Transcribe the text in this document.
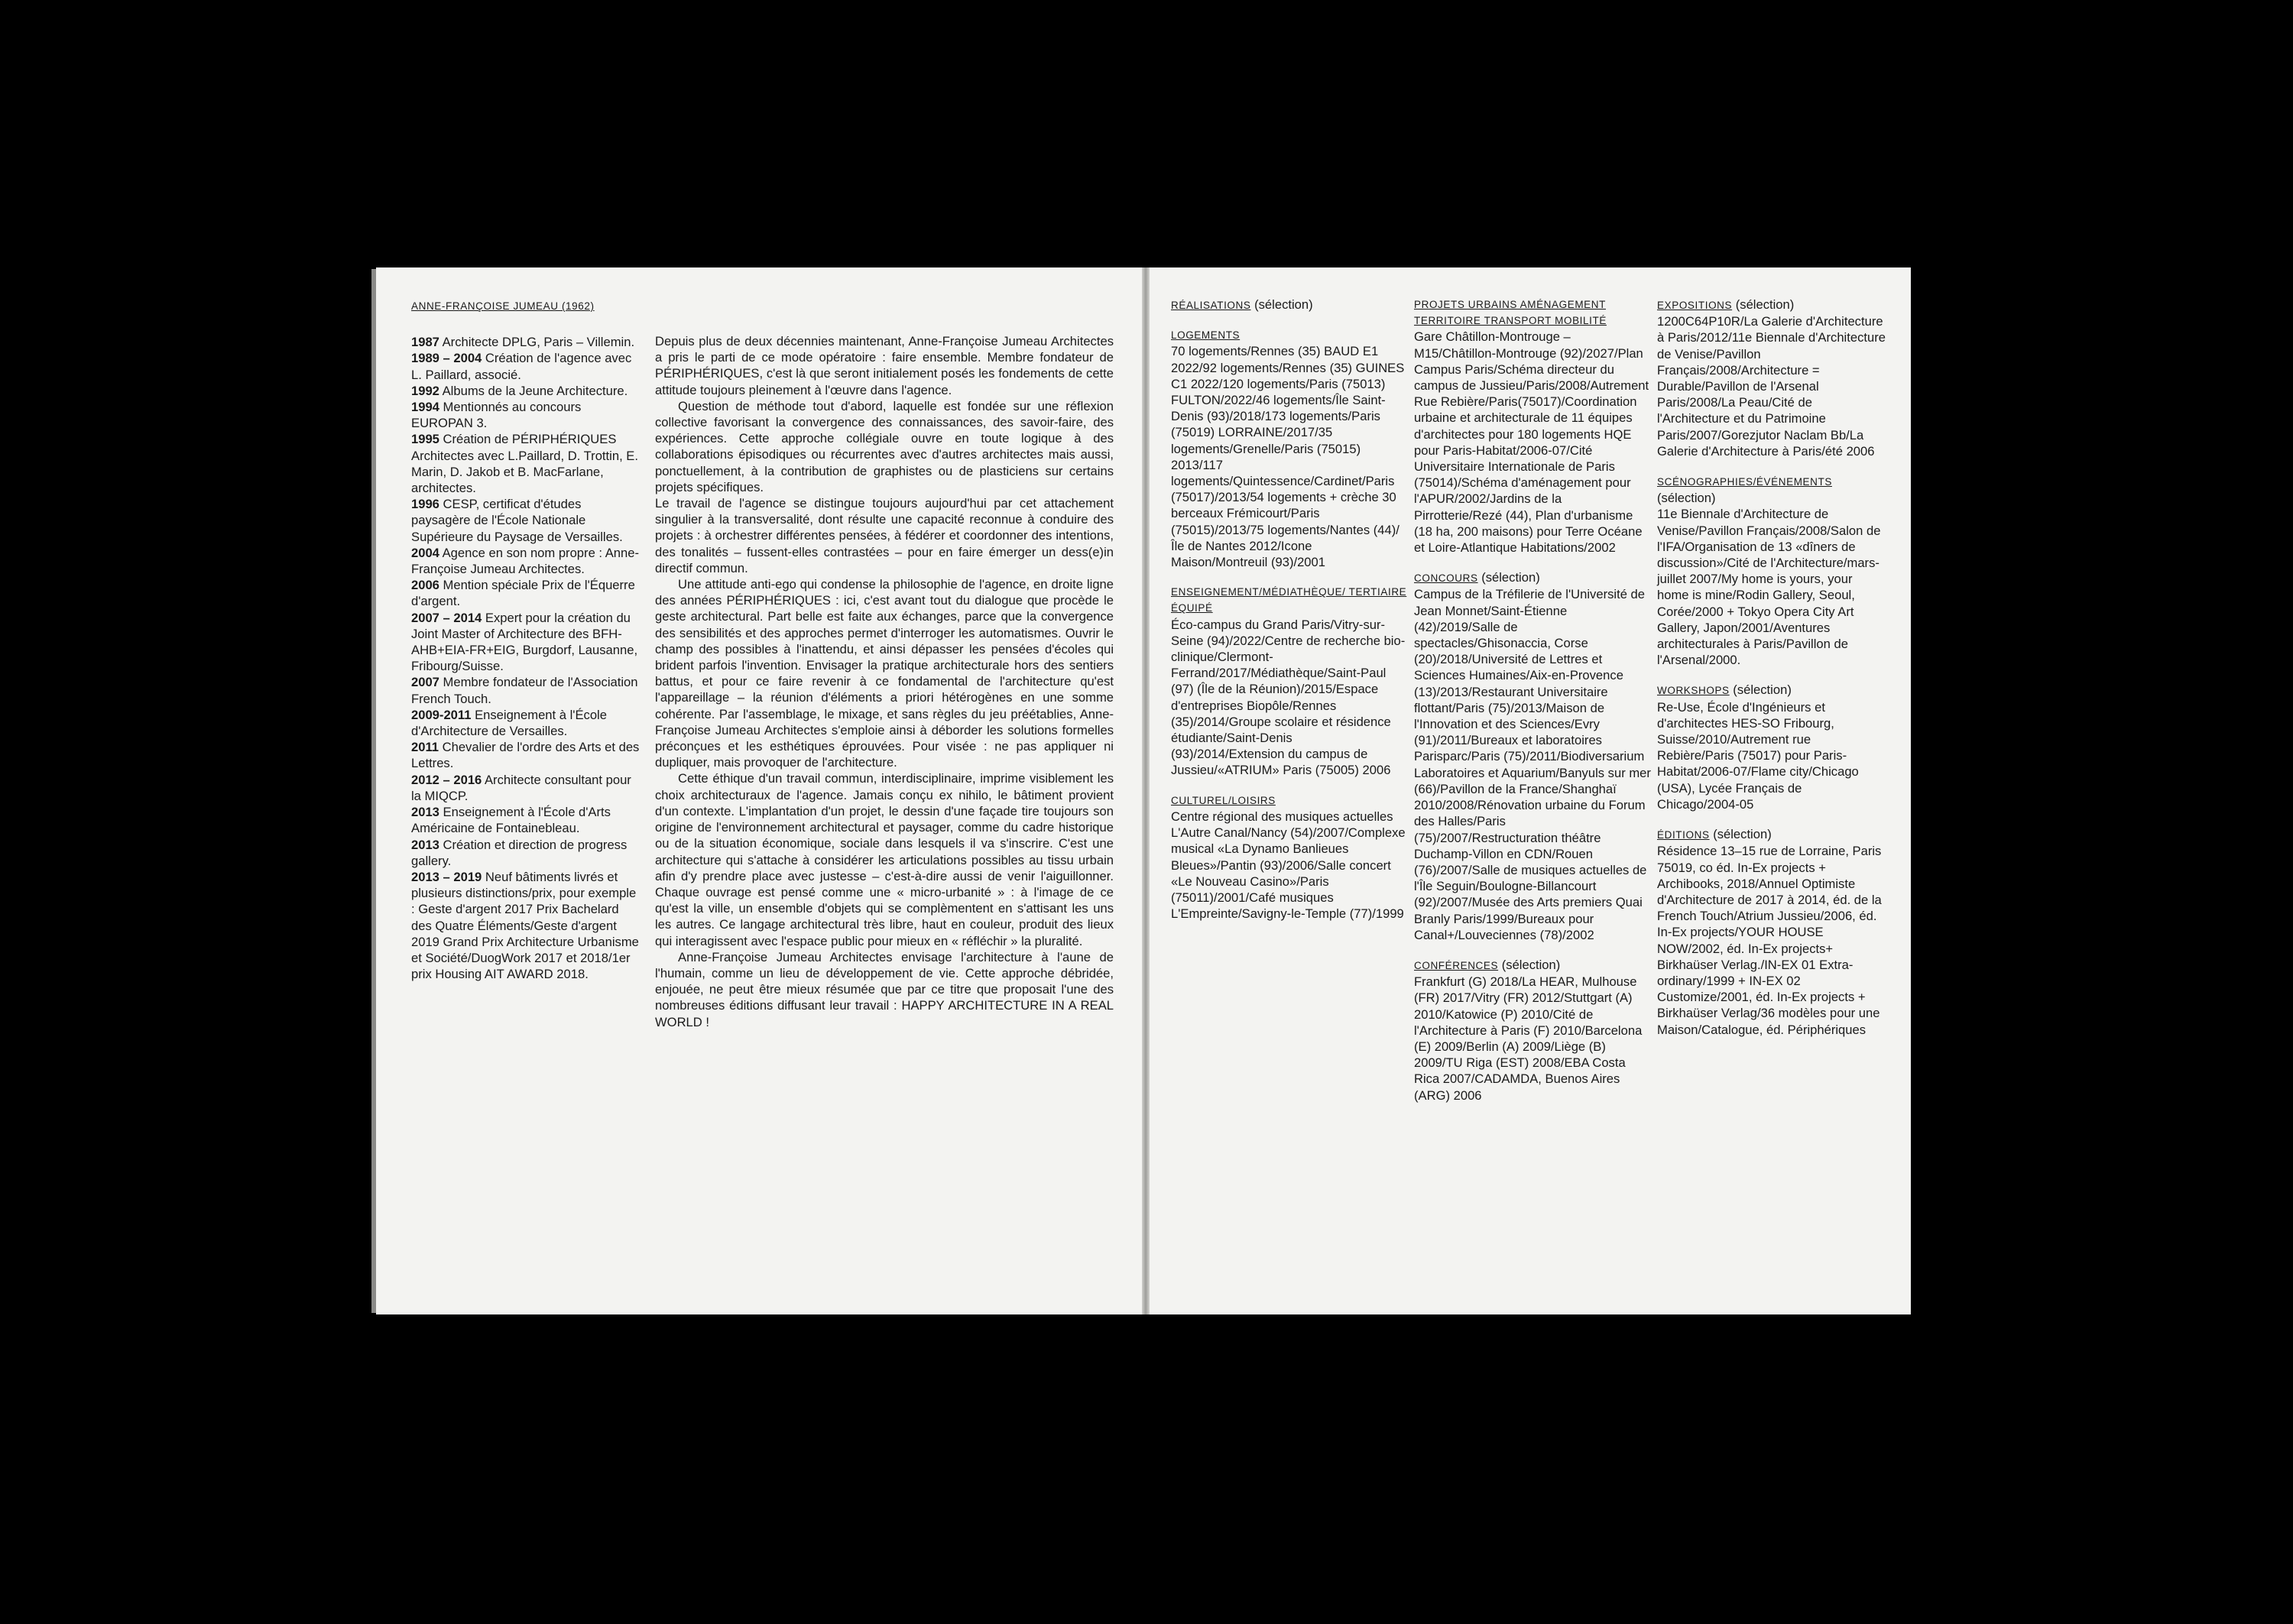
ANNE-FRANÇOISE JUMEAU (1962)

1987 Architecte DPLG, Paris – Villemin.

1989 – 2004 Création de l'agence avec L. Paillard, associé.

1992 Albums de la Jeune Architecture.

1994 Mentionnés au concours EUROPAN 3.

1995 Création de PÉRIPHÉRIQUES Architectes avec L.Paillard, D. Trottin, E. Marin, D. Jakob et B. MacFarlane, architectes.

1996 CESP, certificat d'études paysagère de l'École Nationale Supérieure du Paysage de Versailles.

2004 Agence en son nom propre : Anne-Françoise Jumeau Architectes.

2006 Mention spéciale Prix de l'Équerre d'argent.

2007 – 2014 Expert pour la création du Joint Master of Architecture des BFH-AHB+EIA-FR+EIG, Burgdorf, Lausanne, Fribourg/Suisse.

2007 Membre fondateur de l'Association French Touch.

2009-2011 Enseignement à l'École d'Architecture de Versailles.

2011 Chevalier de l'ordre des Arts et des Lettres.

2012 – 2016 Architecte consultant pour la MIQCP.

2013 Enseignement à l'École d'Arts Américaine de Fontainebleau.

2013 Création et direction de progress gallery.

2013 – 2019 Neuf bâtiments livrés et plusieurs distinctions/prix, pour exemple : Geste d'argent 2017 Prix Bachelard des Quatre Éléments/Geste d'argent 2019 Grand Prix Architecture Urbanisme et Société/DuogWork 2017 et 2018/1er prix Housing AIT AWARD 2018.

Depuis plus de deux décennies maintenant, Anne-Françoise Jumeau Architectes a pris le parti de ce mode opératoire : faire ensemble. Membre fondateur de PÉRIPHÉRIQUES, c'est là que seront initialement posés les fondements de cette attitude toujours pleinement à l'œuvre dans l'agence.

Question de méthode tout d'abord, laquelle est fondée sur une réflexion collective favorisant la convergence des connaissances, des savoir-faire, des expériences. Cette approche collégiale ouvre en toute logique à des collaborations épisodiques ou récurrentes avec d'autres architectes mais aussi, ponctuellement, à la contribution de graphistes ou de plasticiens sur certains projets spécifiques.

Le travail de l'agence se distingue toujours aujourd'hui par cet attachement singulier à la transversalité, dont résulte une capacité reconnue à conduire des projets : à orchestrer différentes pensées, à fédérer et coordonner des intentions, des tonalités – fussent-elles contrastées – pour en faire émerger un dess(e)in directif commun.

Une attitude anti-ego qui condense la philosophie de l'agence, en droite ligne des années PÉRIPHÉRIQUES : ici, c'est avant tout du dialogue que procède le geste architectural. Part belle est faite aux échanges, parce que la convergence des sensibilités et des approches permet d'interroger les automatismes. Ouvrir le champ des possibles à l'inattendu, et ainsi dépasser les pensées d'écoles qui brident parfois l'invention. Envisager la pratique architecturale hors des sentiers battus, et pour ce faire revenir à ce fondamental de l'architecture qu'est l'appareillage – la réunion d'éléments a priori hétérogènes en une somme cohérente. Par l'assemblage, le mixage, et sans règles du jeu préétablies, Anne-Françoise Jumeau Architectes s'emploie ainsi à déborder les solutions formelles préconçues et les esthétiques éprouvées. Pour visée : ne pas appliquer ni dupliquer, mais provoquer de l'architecture.

Cette éthique d'un travail commun, interdisciplinaire, imprime visiblement les choix architecturaux de l'agence. Jamais conçu ex nihilo, le bâtiment provient d'un contexte. L'implantation d'un projet, le dessin d'une façade tire toujours son origine de l'environnement architectural et paysager, comme du cadre historique ou de la situation économique, sociale dans lesquels il va s'inscrire. C'est une architecture qui s'attache à considérer les articulations possibles au tissu urbain afin d'y prendre place avec justesse – c'est-à-dire aussi de venir l'aiguillonner. Chaque ouvrage est pensé comme une « micro-urbanité » : à l'image de ce qu'est la ville, un ensemble d'objets qui se complèmentent en s'attisant les uns les autres. Ce langage architectural très libre, haut en couleur, produit des lieux qui interagissent avec l'espace public pour mieux en « réfléchir » la pluralité.

Anne-Françoise Jumeau Architectes envisage l'architecture à l'aune de l'humain, comme un lieu de développement de vie. Cette approche débridée, enjouée, ne peut être mieux résumée que par ce titre que proposait l'une des nombreuses éditions diffusant leur travail : HAPPY ARCHITECTURE IN A REAL WORLD !

RÉALISATIONS (sélection)

LOGEMENTS

70 logements/Rennes (35) BAUD E1 2022/92 logements/Rennes (35) GUINES C1 2022/120 logements/Paris (75013) FULTON/2022/46 logements/Île Saint-Denis (93)/2018/173 logements/Paris (75019) LORRAINE/2017/35 logements/Grenelle/Paris (75015) 2013/117 logements/Quintessence/Cardinet/Paris (75017)/2013/54 logements + crèche 30 berceaux Frémicourt/Paris (75015)/2013/75 logements/Nantes (44)/Île de Nantes 2012/Icone Maison/Montreuil (93)/2001

ENSEIGNEMENT/MÉDIATHÈQUE/ TERTIAIRE ÉQUIPÉ

Éco-campus du Grand Paris/Vitry-sur-Seine (94)/2022/Centre de recherche bio-clinique/Clermont-Ferrand/2017/Médiathèque/Saint-Paul (97) (Île de la Réunion)/2015/Espace d'entreprises Biopôle/Rennes (35)/2014/Groupe scolaire et résidence étudiante/Saint-Denis (93)/2014/Extension du campus de Jussieu/«ATRIUM» Paris (75005) 2006

CULTUREL/LOISIRS

Centre régional des musiques actuelles L'Autre Canal/Nancy (54)/2007/Complexe musical «La Dynamo Banlieues Bleues»/Pantin (93)/2006/Salle concert «Le Nouveau Casino»/Paris (75011)/2001/Café musiques L'Empreinte/Savigny-le-Temple (77)/1999

PROJETS URBAINS AMÉNAGEMENT TERRITOIRE TRANSPORT MOBILITÉ

Gare Châtillon-Montrouge – M15/Châtillon-Montrouge (92)/2027/Plan Campus Paris/Schéma directeur du campus de Jussieu/Paris/2008/Autrement Rue Rebière/Paris(75017)/Coordination urbaine et architecturale de 11 équipes d'architectes pour 180 logements HQE pour Paris-Habitat/2006-07/Cité Universitaire Internationale de Paris (75014)/Schéma d'aménagement pour l'APUR/2002/Jardins de la Pirrotterie/Rezé (44), Plan d'urbanisme (18 ha, 200 maisons) pour Terre Océane et Loire-Atlantique Habitations/2002

CONCOURS (sélection)

Campus de la Tréfilerie de l'Université de Jean Monnet/Saint-Étienne (42)/2019/Salle de spectacles/Ghisonaccia, Corse (20)/2018/Université de Lettres et Sciences Humaines/Aix-en-Provence (13)/2013/Restaurant Universitaire flottant/Paris (75)/2013/Maison de l'Innovation et des Sciences/Evry (91)/2011/Bureaux et laboratoires Parisparc/Paris (75)/2011/Biodiversarium Laboratoires et Aquarium/Banyuls sur mer (66)/Pavillon de la France/Shanghaï 2010/2008/Rénovation urbaine du Forum des Halles/Paris (75)/2007/Restructuration théâtre Duchamp-Villon en CDN/Rouen (76)/2007/Salle de musiques actuelles de l'Île Seguin/Boulogne-Billancourt (92)/2007/Musée des Arts premiers Quai Branly Paris/1999/Bureaux pour Canal+/Louveciennes (78)/2002

CONFÉRENCES (sélection)

Frankfurt (G) 2018/La HEAR, Mulhouse (FR) 2017/Vitry (FR) 2012/Stuttgart (A) 2010/Katowice (P) 2010/Cité de l'Architecture à Paris (F) 2010/Barcelona (E) 2009/Berlin (A) 2009/Liège (B) 2009/TU Riga (EST) 2008/EBA Costa Rica 2007/CADAMDA, Buenos Aires (ARG) 2006

EXPOSITIONS (sélection)

1200C64P10R/La Galerie d'Architecture à Paris/2012/11e Biennale d'Architecture de Venise/Pavillon Français/2008/Architecture = Durable/Pavillon de l'Arsenal Paris/2008/La Peau/Cité de l'Architecture et du Patrimoine Paris/2007/Gorezjutor Naclam Bb/La Galerie d'Architecture à Paris/été 2006

SCÉNOGRAPHIES/ÉVÉNEMENTS
(sélection)

11e Biennale d'Architecture de Venise/Pavillon Français/2008/Salon de l'IFA/Organisation de 13 «dîners de discussion»/Cité de l'Architecture/mars-juillet 2007/My home is yours, your home is mine/Rodin Gallery, Seoul, Corée/2000 + Tokyo Opera City Art Gallery, Japon/2001/Aventures architecturales à Paris/Pavillon de l'Arsenal/2000.

WORKSHOPS (sélection)

Re-Use, École d'Ingénieurs et d'architectes HES-SO Fribourg, Suisse/2010/Autrement rue Rebière/Paris (75017) pour Paris-Habitat/2006-07/Flame city/Chicago (USA), Lycée Français de Chicago/2004-05

ÉDITIONS (sélection)

Résidence 13–15 rue de Lorraine, Paris 75019, co éd. In-Ex projects + Archibooks, 2018/Annuel Optimiste d'Architecture de 2017 à 2014, éd. de la French Touch/Atrium Jussieu/2006, éd. In-Ex projects/YOUR HOUSE NOW/2002, éd. In-Ex projects+ Birkhaüser Verlag./IN-EX 01 Extra-ordinary/1999 + IN-EX 02 Customize/2001, éd. In-Ex projects + Birkhaüser Verlag/36 modèles pour une Maison/Catalogue, éd. Périphériques
